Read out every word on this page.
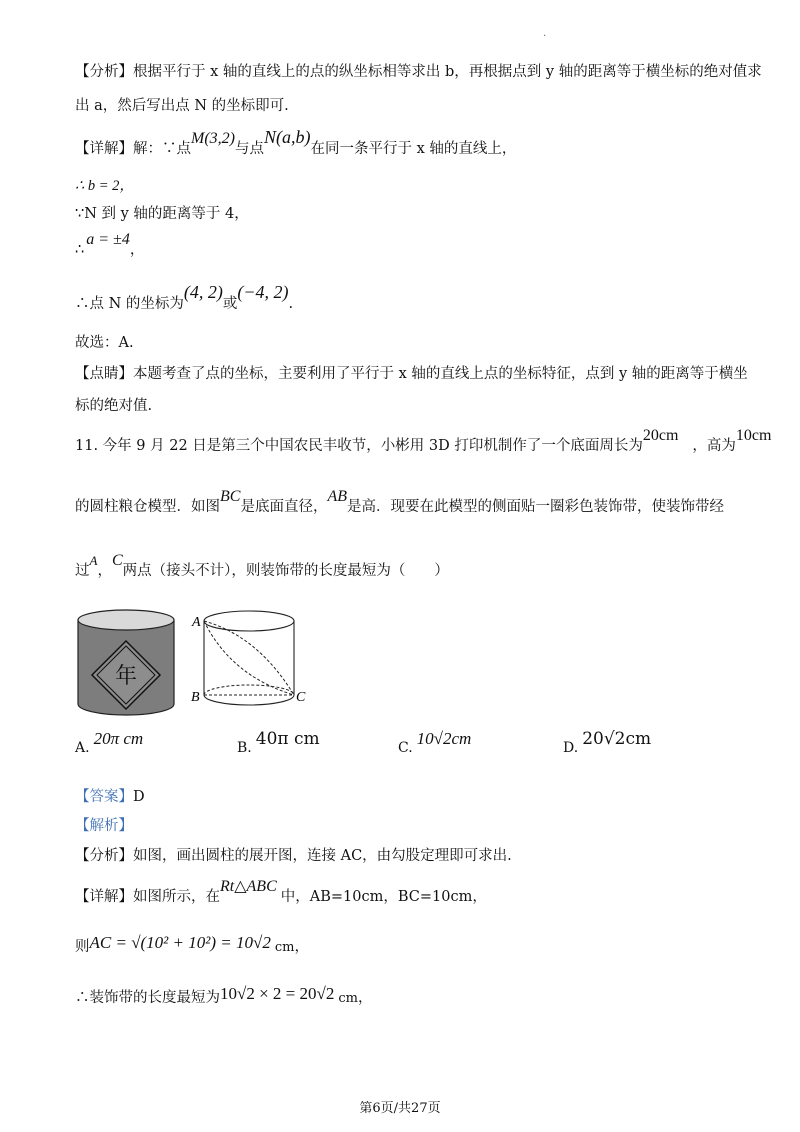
.
【分析】根据平行于 x 轴的直线上的点的纵坐标相等求出 b，再根据点到 y 轴的距离等于横坐标的绝对值求
出 a，然后写出点 N 的坐标即可.
【详解】解：∵点M(3,2)与点N(a,b)在同一条平行于 x 轴的直线上，
∴ b = 2，
∵N 到 y 轴的距离等于 4，
∴a = ±4，
∴点 N 的坐标为(4, 2)或(−4, 2).
故选：A.
【点睛】本题考查了点的坐标，主要利用了平行于 x 轴的直线上点的坐标特征，点到 y 轴的距离等于横坐
标的绝对值.
11. 今年 9 月 22 日是第三个中国农民丰收节，小彬用 3D 打印机制作了一个底面周长为20cm，高为10cm
的圆柱粮仓模型．如图BC是底面直径，AB是高．现要在此模型的侧面贴一圈彩色装饰带，使装饰带经
过A，C两点（接头不计），则装饰带的长度最短为（　　）
年
A
B	C
A. 20π cm	B. 40π cm	C. 10√2cm	D. 20√2cm
【答案】D
【解析】
【分析】如图，画出圆柱的展开图，连接 AC，由勾股定理即可求出.
【详解】如图所示，在Rt△ABC中，AB=10cm，BC=10cm，
则AC = √(10² + 10²) = 10√2 cm，
∴装饰带的长度最短为10√2 × 2 = 20√2 cm，
第6页/共27页
